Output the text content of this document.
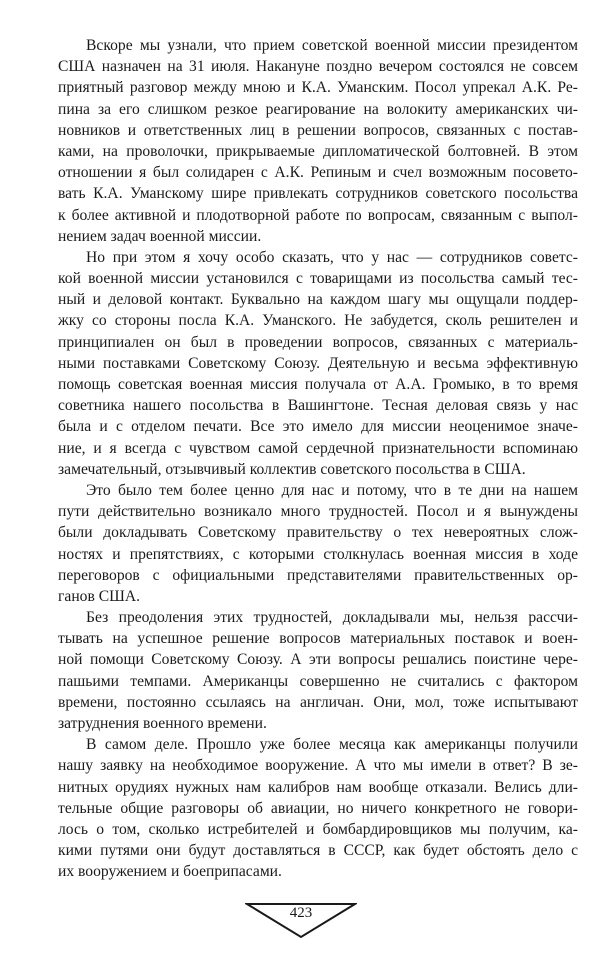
Вскоре мы узнали, что прием советской военной миссии президентом
США назначен на 31 июля. Накануне поздно вечером состоялся не совсем
приятный разговор между мною и К.А. Уманским. Посол упрекал А.К. Ре-
пина за его слишком резкое реагирование на волокиту американских чи-
новников и ответственных лиц в решении вопросов, связанных с постав-
ками, на проволочки, прикрываемые дипломатической болтовней. В этом
отношении я был солидарен с А.К. Репиным и счел возможным посовето-
вать К.А. Уманскому шире привлекать сотрудников советского посольства
к более активной и плодотворной работе по вопросам, связанным с выпол-
нением задач военной миссии.
Но при этом я хочу особо сказать, что у нас — сотрудников советс-
кой военной миссии установился с товарищами из посольства самый тес-
ный и деловой контакт. Буквально на каждом шагу мы ощущали поддер-
жку со стороны посла К.А. Уманского. Не забудется, сколь решителен и
принципиален он был в проведении вопросов, связанных с материаль-
ными поставками Советскому Союзу. Деятельную и весьма эффективную
помощь советская военная миссия получала от А.А. Громыко, в то время
советника нашего посольства в Вашингтоне. Тесная деловая связь у нас
была и с отделом печати. Все это имело для миссии неоценимое значе-
ние, и я всегда с чувством самой сердечной признательности вспоминаю
замечательный, отзывчивый коллектив советского посольства в США.
Это было тем более ценно для нас и потому, что в те дни на нашем
пути действительно возникало много трудностей. Посол и я вынуждены
были докладывать Советскому правительству о тех невероятных слож-
ностях и препятствиях, с которыми столкнулась военная миссия в ходе
переговоров с официальными представителями правительственных ор-
ганов США.
Без преодоления этих трудностей, докладывали мы, нельзя рассчи-
тывать на успешное решение вопросов материальных поставок и воен-
ной помощи Советскому Союзу. А эти вопросы решались поистине чере-
пашьими темпами. Американцы совершенно не считались с фактором
времени, постоянно ссылаясь на англичан. Они, мол, тоже испытывают
затруднения военного времени.
В самом деле. Прошло уже более месяца как американцы получили
нашу заявку на необходимое вооружение. А что мы имели в ответ? В зе-
нитных орудиях нужных нам калибров нам вообще отказали. Велись дли-
тельные общие разговоры об авиации, но ничего конкретного не говори-
лось о том, сколько истребителей и бомбардировщиков мы получим, ка-
кими путями они будут доставляться в СССР, как будет обстоять дело с
их вооружением и боеприпасами.
423
